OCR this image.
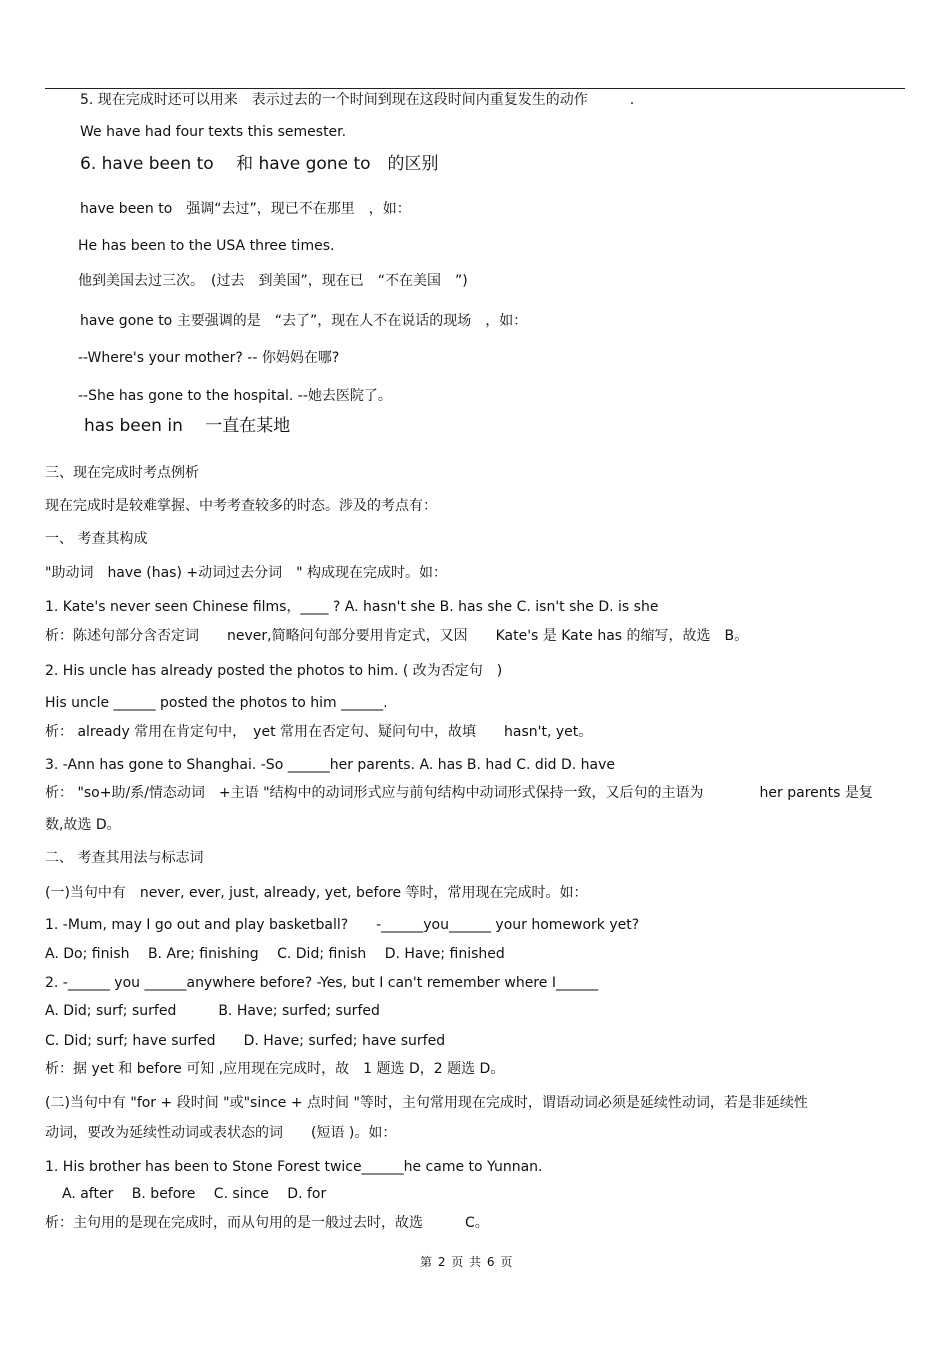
5. 现在完成时还可以用来　表示过去的一个时间到现在这段时间内重复发生的动作　　　.
We have had four texts this semester.
6. have been to　 和 have gone to　的区别
have been to　强调“去过”，现已不在那里　，如：
He has been to the USA three times.
他到美国去过三次。　(过去　到美国”，现在已　“不在美国　”)
have gone to 主要强调的是　“去了”，现在人不在说话的现场　，如：
--Where's your mother? -- 你妈妈在哪?
--She has gone to the hospital. --她去医院了。
has been in　 一直在某地
三、现在完成时考点例析
现在完成时是较难掌握、中考考查较多的时态。涉及的考点有：
一、 考查其构成
"助动词　have (has) +动词过去分词　" 构成现在完成时。如：
1. Kate's never seen Chinese films，____ ? A. hasn't she B. has she C. isn't she D. is she
析：陈述句部分含否定词　　never,简略问句部分要用肯定式，又因　　Kate's 是 Kate has 的缩写，故选　B。
2. His uncle has already posted the photos to him. ( 改为否定句　)
His uncle ______ posted the photos to him ______.
析： already 常用在肯定句中，　yet 常用在否定句、疑问句中，故填　　hasn't, yet。
3. -Ann has gone to Shanghai. -So ______her parents. A. has B. had C. did D. have
析： "so+助/系/情态动词　+主语 "结构中的动词形式应与前句结构中动词形式保持一致，又后句的主语为　　　　her parents 是复
数,故选 D。
二、 考查其用法与标志词
(一)当句中有　never, ever, just, already, yet, before 等时，常用现在完成时。如：
1. -Mum, may I go out and play basketball?　　-______you______ your homework yet?
A. Do; finish　 B. Are; finishing　 C. Did; finish　 D. Have; finished
2. -______ you ______anywhere before? -Yes, but I can't remember where I______
A. Did; surf; surfed　　　B. Have; surfed; surfed
C. Did; surf; have surfed　　D. Have; surfed; have surfed
析：据 yet 和 before 可知 ,应用现在完成时，故　1 题选 D，2 题选 D。
(二)当句中有 "for + 段时间 "或"since + 点时间 "等时，主句常用现在完成时，谓语动词必须是延续性动词，若是非延续性
动词，要改为延续性动词或表状态的词　　(短语 )。如：
1. His brother has been to Stone Forest twice______he came to Yunnan.
A. after　 B. before　 C. since　 D. for
析：主句用的是现在完成时，而从句用的是一般过去时，故选　　　C。
第 2 页 共 6 页
